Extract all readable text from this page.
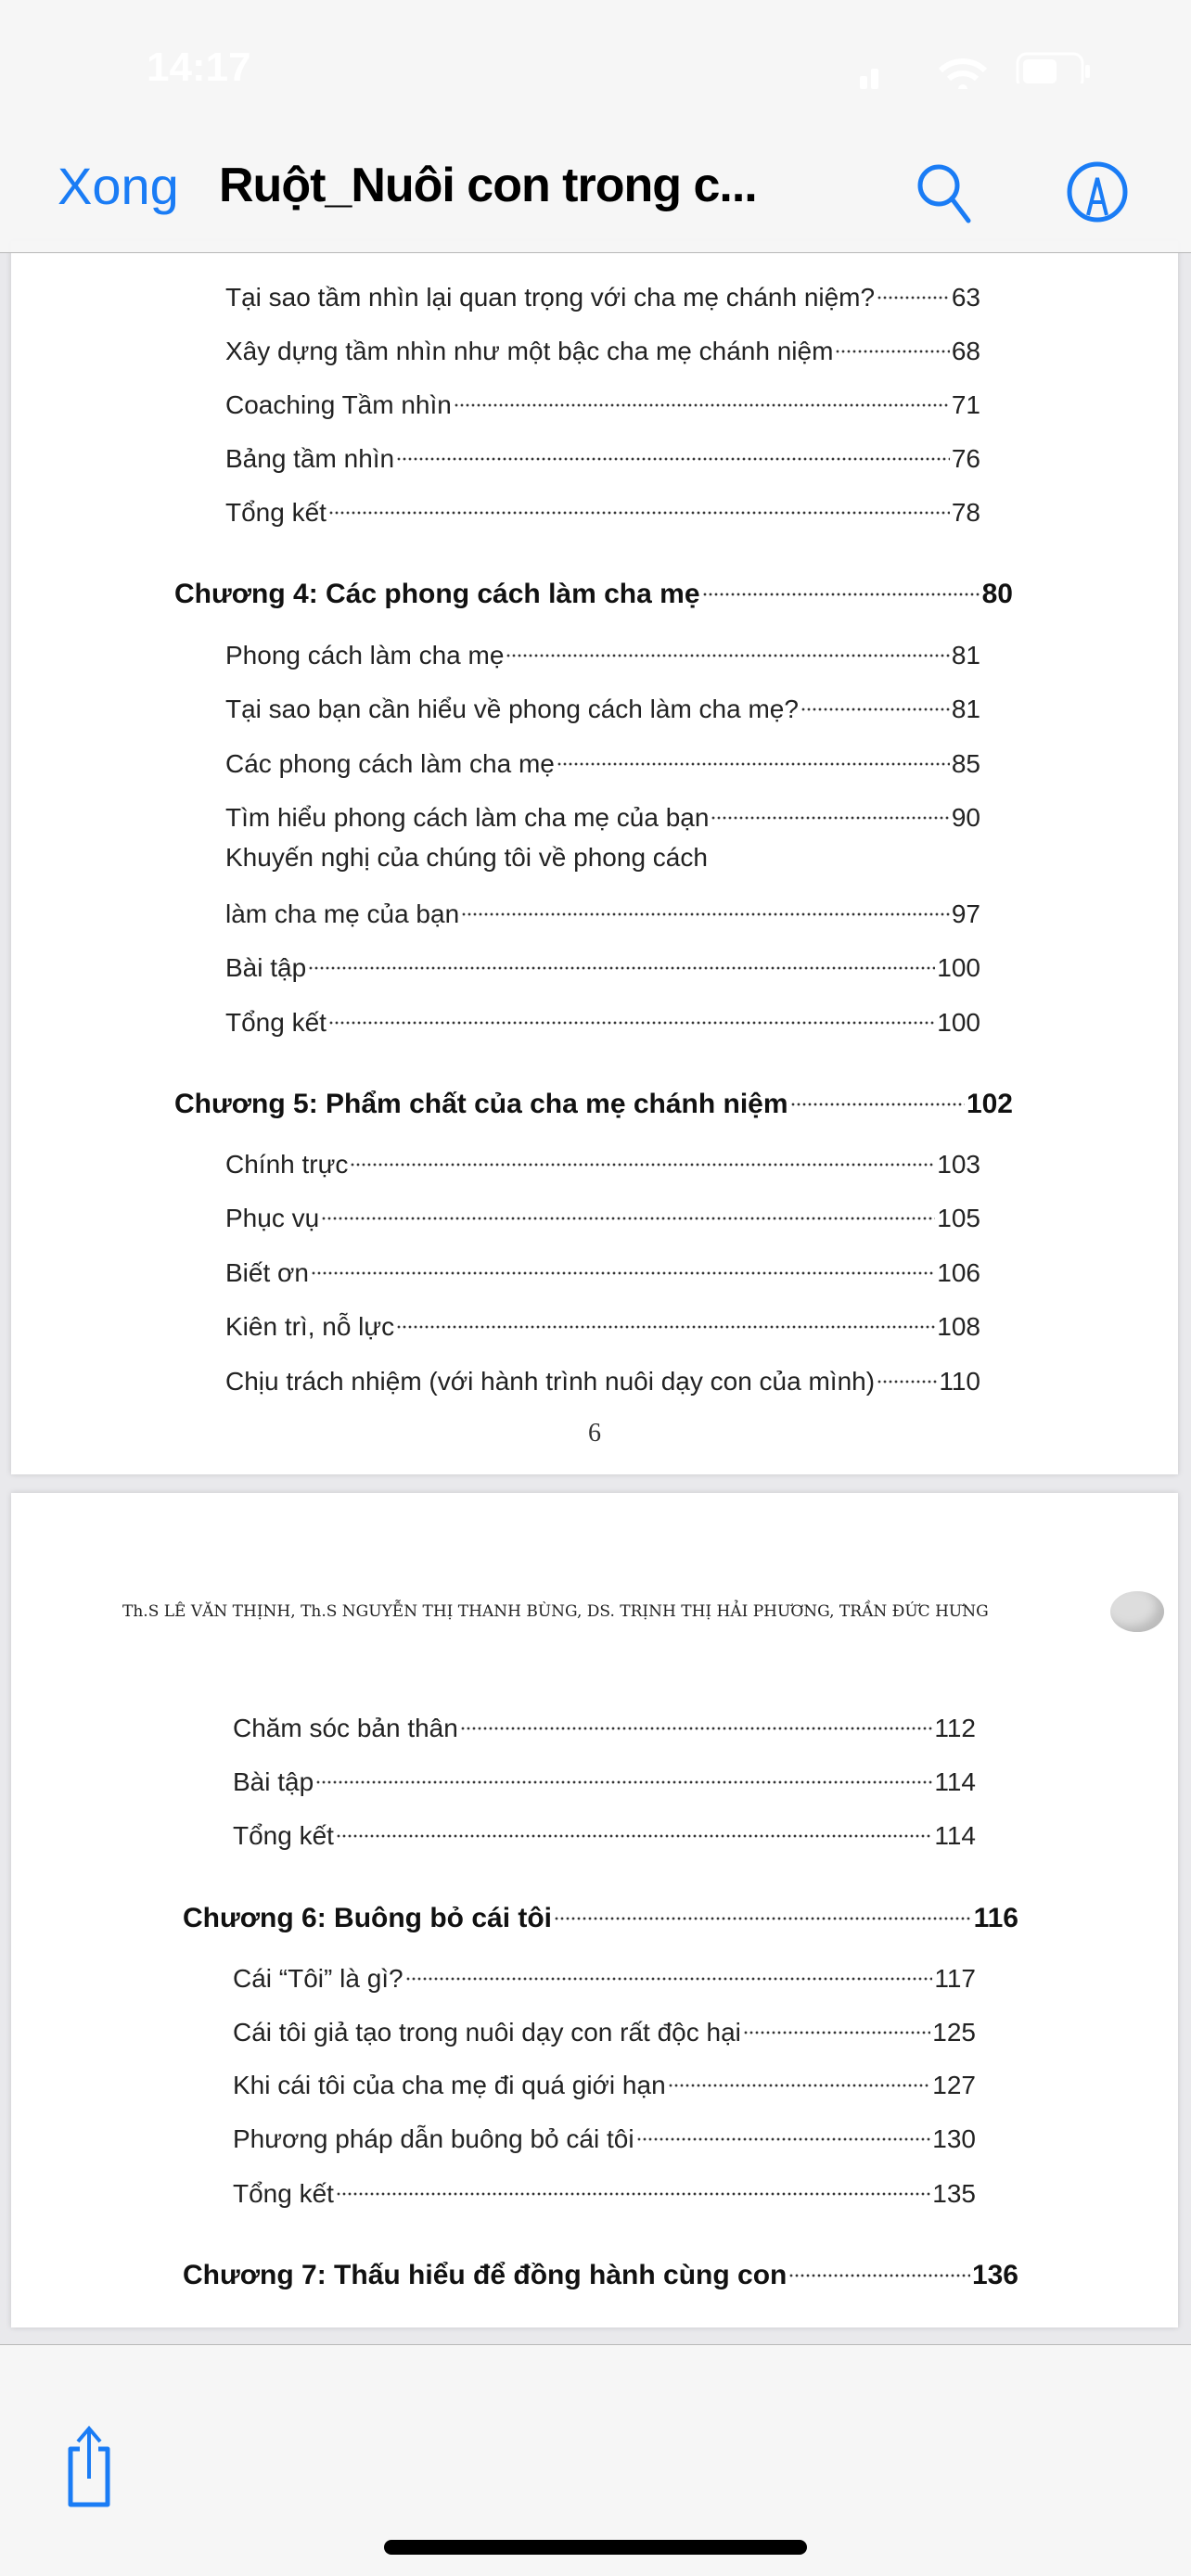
Tại sao tầm nhìn lại quan trọng với cha mẹ chánh niệm?	63
Xây dựng tầm nhìn như một bậc cha mẹ chánh niệm	68
Coaching Tầm nhìn	71
Bảng tầm nhìn	76
Tổng kết	78
Chương 4: Các phong cách làm cha mẹ	80
Phong cách làm cha mẹ	81
Tại sao bạn cần hiểu về phong cách làm cha mẹ?	81
Các phong cách làm cha mẹ	85
Tìm hiểu phong cách làm cha mẹ của bạn	90
Khuyến nghị của chúng tôi về phong cách
làm cha mẹ của bạn	97
Bài tập	100
Tổng kết	100
Chương 5: Phẩm chất của cha mẹ chánh niệm	102
Chính trực	103
Phục vụ	105
Biết ơn	106
Kiên trì, nỗ lực	108
Chịu trách nhiệm (với hành trình nuôi dạy con của mình) 110
6
Th.S LÊ VĂN THỊNH, Th.S NGUYỄN THỊ THANH BÙNG, DS. TRỊNH THỊ HẢI PHƯƠNG, TRẦN ĐỨC HƯNG
Chăm sóc bản thân	112
Bài tập	114
Tổng kết	114
Chương 6: Buông bỏ cái tôi	116
Cái “Tôi” là gì?	117
Cái tôi giả tạo trong nuôi dạy con rất độc hại	125
Khi cái tôi của cha mẹ đi quá giới hạn	127
Phương pháp dẫn buông bỏ cái tôi	130
Tổng kết	135
Chương 7: Thấu hiểu để đồng hành cùng con	136
14:17
Xong Ruột_Nuôi con trong c...
